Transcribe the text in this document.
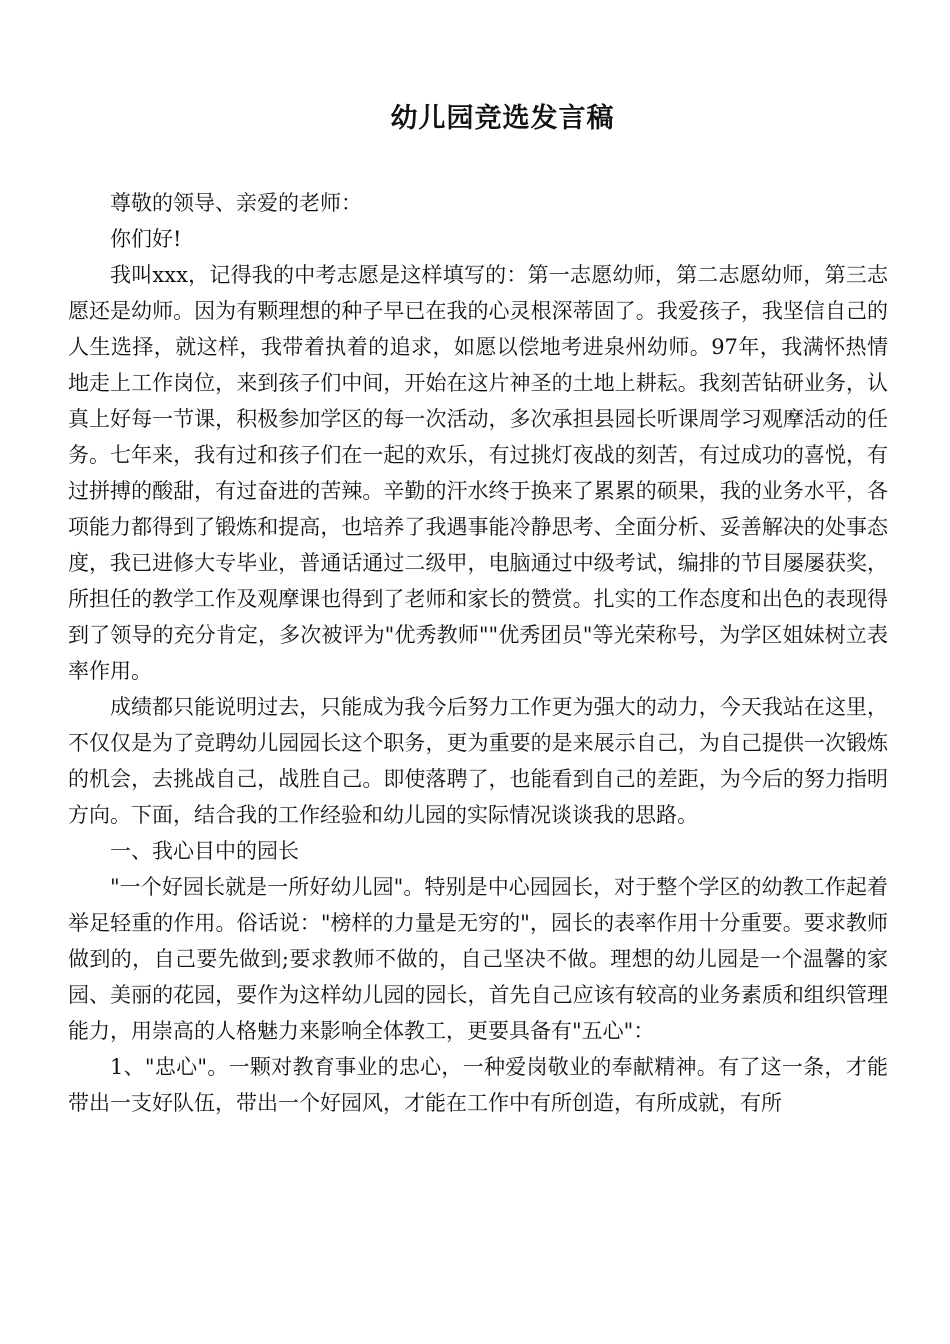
幼儿园竞选发言稿

尊敬的领导、亲爱的老师：

你们好!

我叫xxx，记得我的中考志愿是这样填写的：第一志愿幼师，第二志愿幼师，第三志愿还是幼师。因为有颗理想的种子早已在我的心灵根深蒂固了。我爱孩子，我坚信自己的人生选择，就这样，我带着执着的追求，如愿以偿地考进泉州幼师。97年，我满怀热情地走上工作岗位，来到孩子们中间，开始在这片神圣的土地上耕耘。我刻苦钻研业务，认真上好每一节课，积极参加学区的每一次活动，多次承担县园长听课周学习观摩活动的任务。七年来，我有过和孩子们在一起的欢乐，有过挑灯夜战的刻苦，有过成功的喜悦，有过拼搏的酸甜，有过奋进的苦辣。辛勤的汗水终于换来了累累的硕果，我的业务水平，各项能力都得到了锻炼和提高，也培养了我遇事能冷静思考、全面分析、妥善解决的处事态度，我已进修大专毕业，普通话通过二级甲，电脑通过中级考试，编排的节目屡屡获奖，所担任的教学工作及观摩课也得到了老师和家长的赞赏。扎实的工作态度和出色的表现得到了领导的充分肯定，多次被评为"优秀教师""优秀团员"等光荣称号，为学区姐妹树立表率作用。

成绩都只能说明过去，只能成为我今后努力工作更为强大的动力，今天我站在这里，不仅仅是为了竞聘幼儿园园长这个职务，更为重要的是来展示自己，为自己提供一次锻炼的机会，去挑战自己，战胜自己。即使落聘了，也能看到自己的差距，为今后的努力指明方向。下面，结合我的工作经验和幼儿园的实际情况谈谈我的思路。

一、我心目中的园长

"一个好园长就是一所好幼儿园"。特别是中心园园长，对于整个学区的幼教工作起着举足轻重的作用。俗话说："榜样的力量是无穷的"，园长的表率作用十分重要。要求教师做到的，自己要先做到;要求教师不做的，自己坚决不做。理想的幼儿园是一个温馨的家园、美丽的花园，要作为这样幼儿园的园长，首先自己应该有较高的业务素质和组织管理能力，用崇高的人格魅力来影响全体教工，更要具备有"五心"：

1、"忠心"。一颗对教育事业的忠心，一种爱岗敬业的奉献精神。有了这一条，才能带出一支好队伍，带出一个好园风，才能在工作中有所创造，有所成就，有所
